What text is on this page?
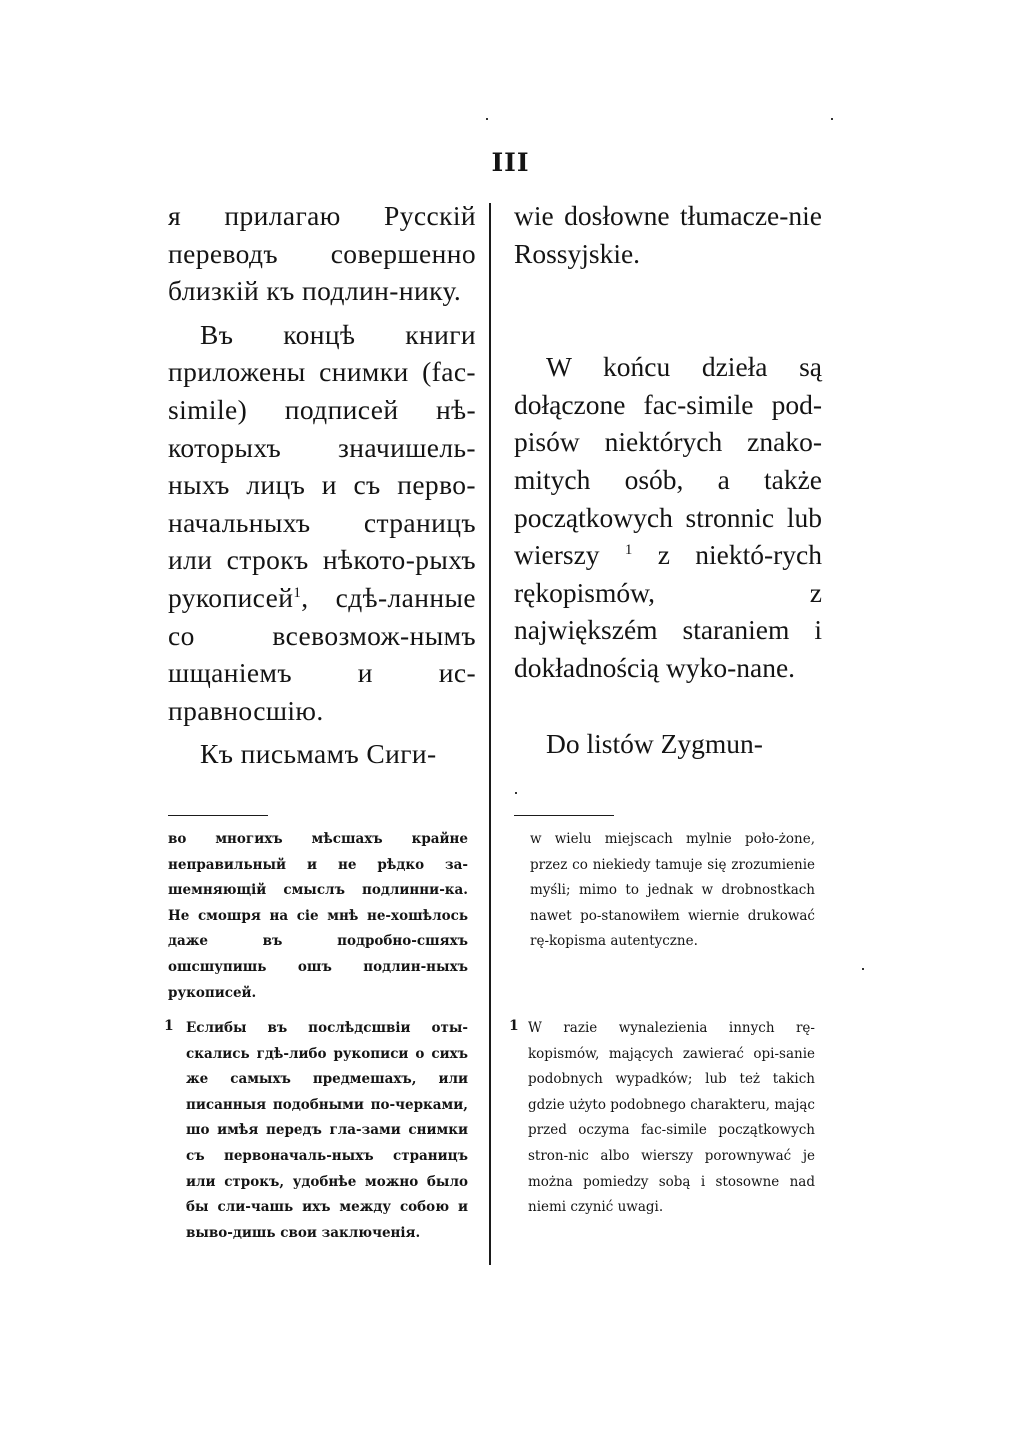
III

я прилагаю Русскій переводъ совершенно близкій къ подлин-нику.

Въ концѣ книги приложены снимки (fac-simile) подписей нѣ-которыхъ значишель-ныхъ лицъ и съ перво-начальныхъ страницъ или строкъ нѣкото-рыхъ рукописей$^1$, сдѣ-ланные со всевозмож-нымъ шщаніемъ и ис-правносшію.

Къ письмамъ Сиги-

wie dosłowne tłumacze-nie Rossyjskie.

W końcu dzieła są dołączone fac-simile pod-pisów niektórych znako-mitych osób, a także początkowych stronnic lub wierszy $^1$ z niektó-rych rękopismów, z największém staraniem i dokładnością wyko-nane.

Do listów Zygmun-

во многихъ мѣсшахъ крайне неправильный и не рѣдко за-шемняющій смыслъ подлинни-ка. Не смошря на сіе мнѣ не-хошѣлось даже въ подробно-сшяхъ ошсшупишь ошъ подлин-ныхъ рукописей.
1 Еслибы въ послѣдсшвіи оты-скались гдѣ-либо рукописи о сихъ же самыхъ предмешахъ, или писанныя подобными по-черками, шо имѣя передъ гла-зами снимки съ первоначаль-ныхъ страницъ или строкъ, удобнѣе можно было бы сли-чашь ихъ между собою и выво-дишь свои заключенія.
w wielu miejscach mylnie poło-żone, przez co niekiedy tamuje się zrozumienie myśli; mimo to jednak w drobnostkach nawet po-stanowiłem wiernie drukować rę-kopisma autentyczne.
1 W razie wynalezienia innych rę-kopismów, mających zawierać opi-sanie podobnych wypadków; lub też takich gdzie użyto podobnego charakteru, mając przed oczyma fac-simile początkowych stron-nic albo wierszy porownywać je można pomiedzy sobą i stosowne nad niemi czynić uwagi.
